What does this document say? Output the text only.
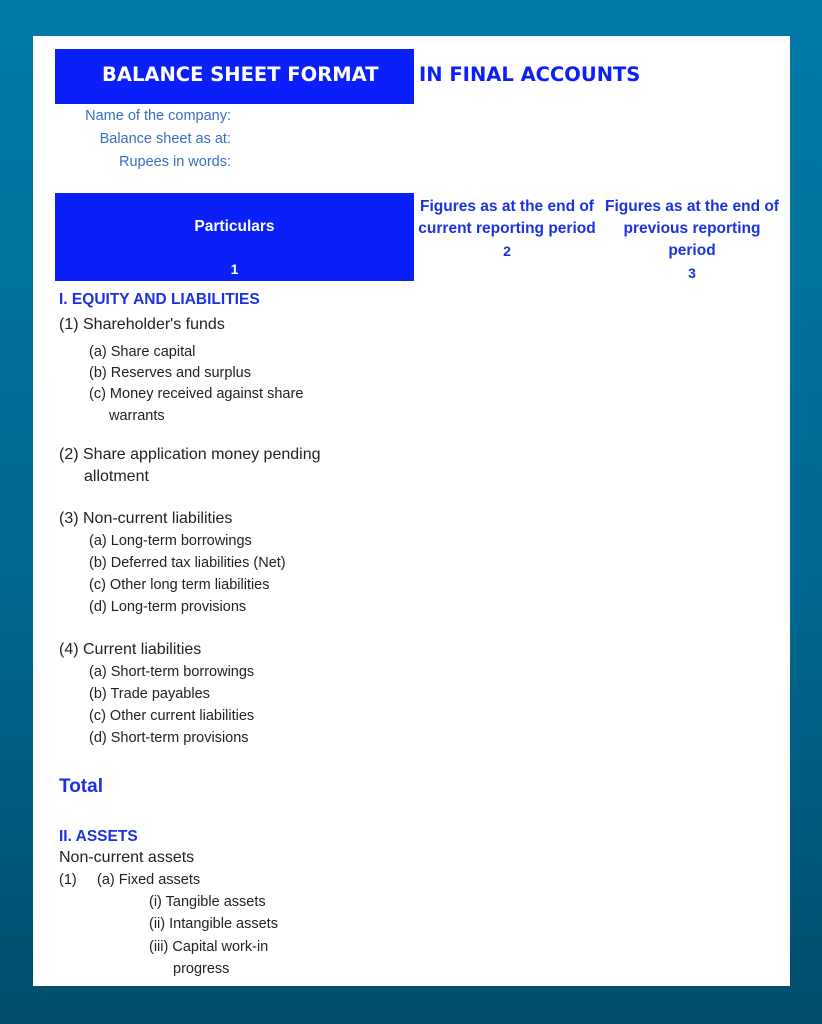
BALANCE SHEET FORMAT IN FINAL ACCOUNTS
Name of the company:
Balance sheet as at:
Rupees in words:
Particulars
1
Figures as at the end of current reporting period
2
Figures as at the end of previous reporting period
3
I. EQUITY AND LIABILITIES
(1) Shareholder's funds
(a) Share capital
(b) Reserves and surplus
(c) Money received against share warrants
(2) Share application money pending allotment
(3) Non-current liabilities
(a) Long-term borrowings
(b) Deferred tax liabilities (Net)
(c) Other long term liabilities
(d) Long-term provisions
(4) Current liabilities
(a) Short-term borrowings
(b) Trade payables
(c) Other current liabilities
(d) Short-term provisions
Total
II. ASSETS
Non-current assets
(1) (a) Fixed assets
(i) Tangible assets
(ii) Intangible assets
(iii) Capital work-in progress
